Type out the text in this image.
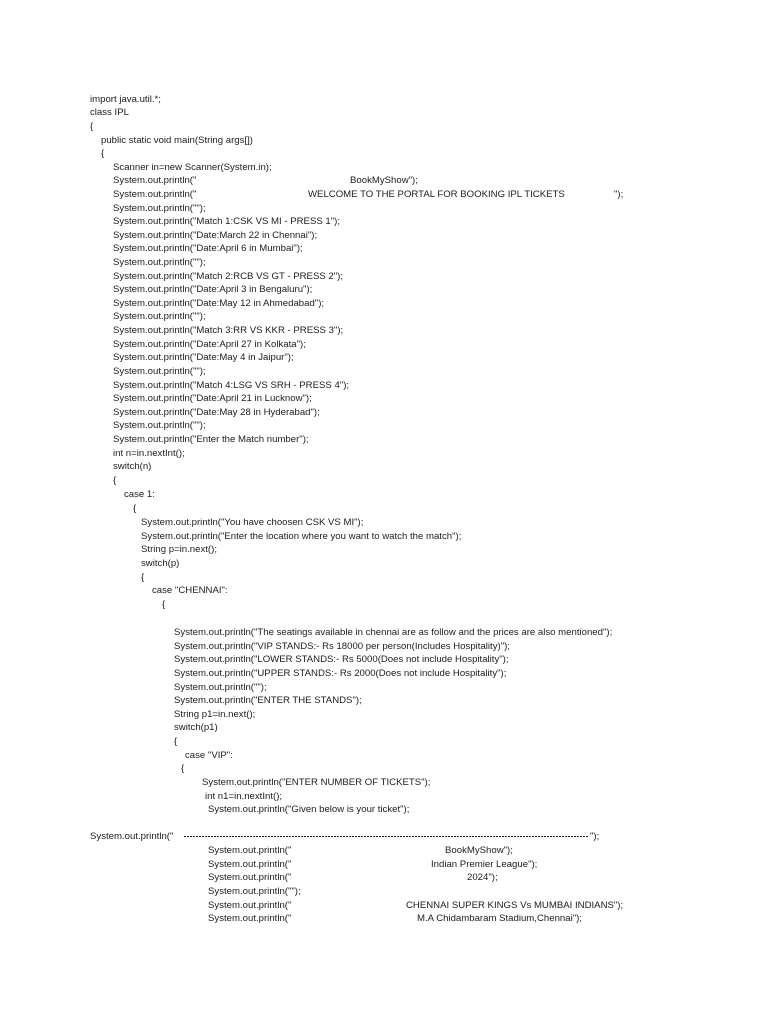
import java.util.*;

class IPL

{

public static void main(String args[])

{

Scanner in=new Scanner(System.in);

System.out.println("	BookMyShow");

System.out.println("	WELCOME TO THE PORTAL FOR BOOKING IPL TICKETS	");

System.out.println("");

System.out.println("Match 1:CSK VS MI - PRESS 1");

System.out.println("Date:March 22 in Chennai");

System.out.println("Date:April 6 in Mumbai");

System.out.println("");

System.out.println("Match 2:RCB VS GT - PRESS 2");

System.out.println("Date:April 3 in Bengaluru");

System.out.println("Date:May 12 in Ahmedabad");

System.out.println("");

System.out.println("Match 3:RR VS KKR - PRESS 3");

System.out.println("Date:April 27 in Kolkata");

System.out.println("Date:May 4 in Jaipur");

System.out.println("");

System.out.println("Match 4:LSG VS SRH - PRESS 4");

System.out.println("Date:April 21 in Lucknow");

System.out.println("Date:May 28 in Hyderabad");

System.out.println("");

System.out.println("Enter the Match number");

int n=in.nextInt();

switch(n)

{

case 1:

{

System.out.println("You have choosen CSK VS MI");

System.out.println("Enter the location where you want to watch the match");

String p=in.next();

switch(p)

{

case "CHENNAI":

{

System.out.println("The seatings available in chennai are as follow and the prices are also mentioned");

System.out.println("VIP STANDS:- Rs 18000 per person(Includes Hospitality)");

System.out.println("LOWER STANDS:- Rs 5000(Does not include Hospitality");

System.out.println("UPPER STANDS:- Rs 2000(Does not include Hospitality");

System.out.println("");

System.out.println("ENTER THE STANDS");

String p1=in.next();

switch(p1)

{

case "VIP":

{

System.out.println("ENTER NUMBER OF TICKETS");

int n1=in.nextInt();

System.out.println("Given below is your ticket");

System.out.println("	");

System.out.println("	BookMyShow");

System.out.println("	Indian Premier League");

System.out.println("	2024");

System.out.println("");

System.out.println("	CHENNAI SUPER KINGS Vs MUMBAI INDIANS");

System.out.println("	M.A Chidambaram Stadium,Chennai");
